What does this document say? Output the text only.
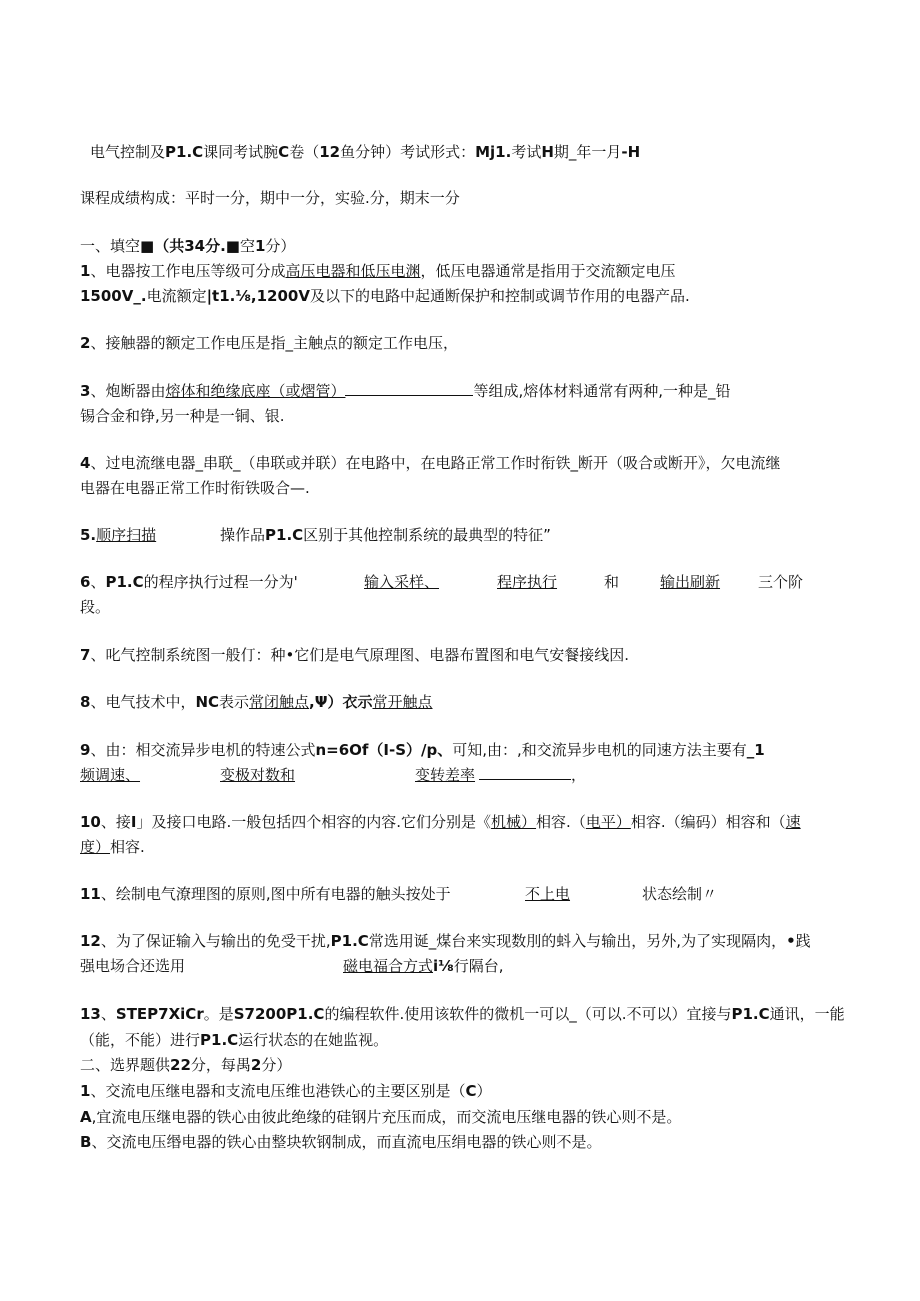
电气控制及P1.C课同考试腕C卷（12鱼分钟）考试形式：Mj1.考试H期_年一月-H
课程成绩构成：平时一分，期中一分，实验.分，期末一分
一、填空■（共34分.■空1分）
1、电器按工作电压等级可分成高压电器和低压电渊，低压电器通常是指用于交流额定电压
1500V_.电流额定|t1.⅛,1200V及以下的电路中起通断保护和控制或调节作用的电器产品.
2、接触器的额定工作电压是指_主触点的额定工作电压，
3、炮断器由熔体和绝缘底座（或熠管）	等组成,熔体材料通常有两种,一种是_铅
锡合金和铮,另一种是一铜、银.
4、过电流继电器_串联_（串联或并联）在电路中，在电路正常工作时衔铁_断开（吸合或断开》，欠电流继
电器在电器正常工作时衔铁吸合—.
5.顺序扫描	操作品P1.C区别于其他控制系统的最典型的特征”
6、P1.C的程序执行过程一分为'	输入采样、	程序执行	和	输出刷新	三个阶
段。
7、叱气控制系统图一般仃：种•它们是电气原理图、电器布置图和电气安餐接线因.
8、电气技术中，NC表示常闭触点,Ψ）衣示常开触点
9、由：相交流异步电机的特速公式n=6Of（I-S）/p、可知,由：,和交流异步电机的同速方法主要有_1
频调速、	变极对数和	变转差率	，
10、接I」及接口电路.一般包括四个相容的内容.它们分别是《机械）相容.（电平）相容.（编码）相容和（速
度）相容.
11、绘制电气潦理图的原则,图中所有电器的触头按处于	不上电	状态绘制〃
12、为了保证输入与输出的免受干扰,P1.C常选用诞_煤台来实现数刖的蚪入与输出，另外,为了实现隔肉，•践
强电场合还选用	磁电福合方式i⅛行隔台,
13、STEP7XiCr。是S7200P1.C的编程软件.使用该软件的微机一可以_（可以.不可以）宜接与P1.C通讯，一能
（能，不能）进行P1.C运行状态的在她监视。
二、选界题供22分，每禺2分）
1、交流电压继电器和支流电压维也港铁心的主要区别是（C）
A,宜流电压继电器的铁心由彼此绝缘的硅钢片充压而成，而交流电压继电器的铁心则不是。
B、交流电压缗电器的铁心由整块软钢制成，而直流电压绢电器的铁心则不是。
